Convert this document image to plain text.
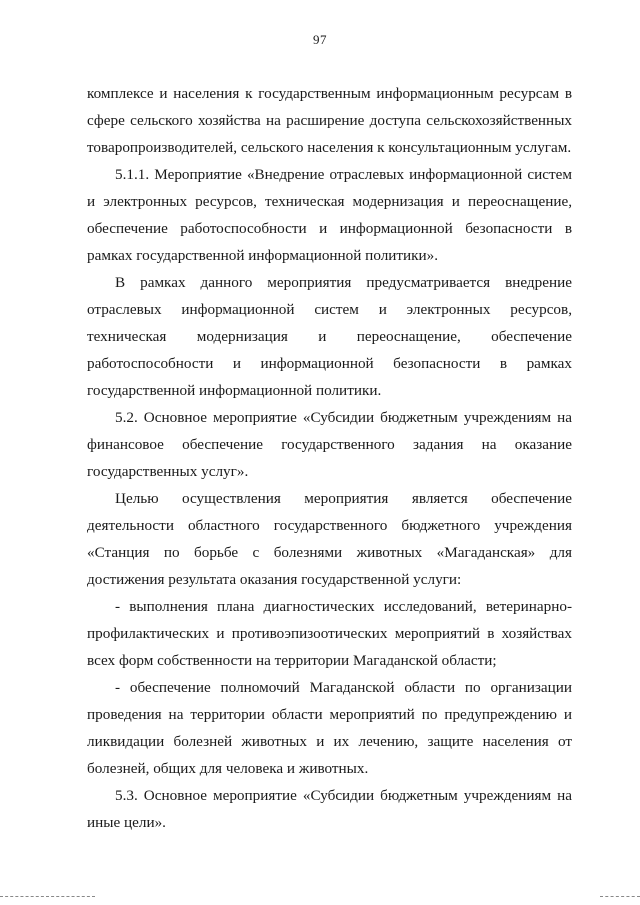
97

комплексе и населения к государственным информационным ресурсам в сфере сельского хозяйства на расширение доступа сельскохозяйственных товаропроизводителей, сельского населения к консультационным услугам.

5.1.1. Мероприятие «Внедрение отраслевых информационной систем и электронных ресурсов, техническая модернизация и переоснащение, обеспечение работоспособности и информационной безопасности в рамках государственной информационной политики».

В рамках данного мероприятия предусматривается внедрение отраслевых информационной систем и электронных ресурсов, техническая модернизация и переоснащение, обеспечение работоспособности и информационной безопасности в рамках государственной информационной политики.

5.2. Основное мероприятие «Субсидии бюджетным учреждениям на финансовое обеспечение государственного задания на оказание государственных услуг».

Целью осуществления мероприятия является обеспечение деятельности областного государственного бюджетного учреждения «Станция по борьбе с болезнями животных «Магаданская» для достижения результата оказания государственной услуги:

- выполнения плана диагностических исследований, ветеринарно-профилактических и противоэпизоотических мероприятий в хозяйствах всех форм собственности на территории Магаданской области;

- обеспечение полномочий Магаданской области по организации проведения на территории области мероприятий по предупреждению и ликвидации болезней животных и их лечению, защите населения от болезней, общих для человека и животных.

5.3. Основное мероприятие «Субсидии бюджетным учреждениям на иные цели».
